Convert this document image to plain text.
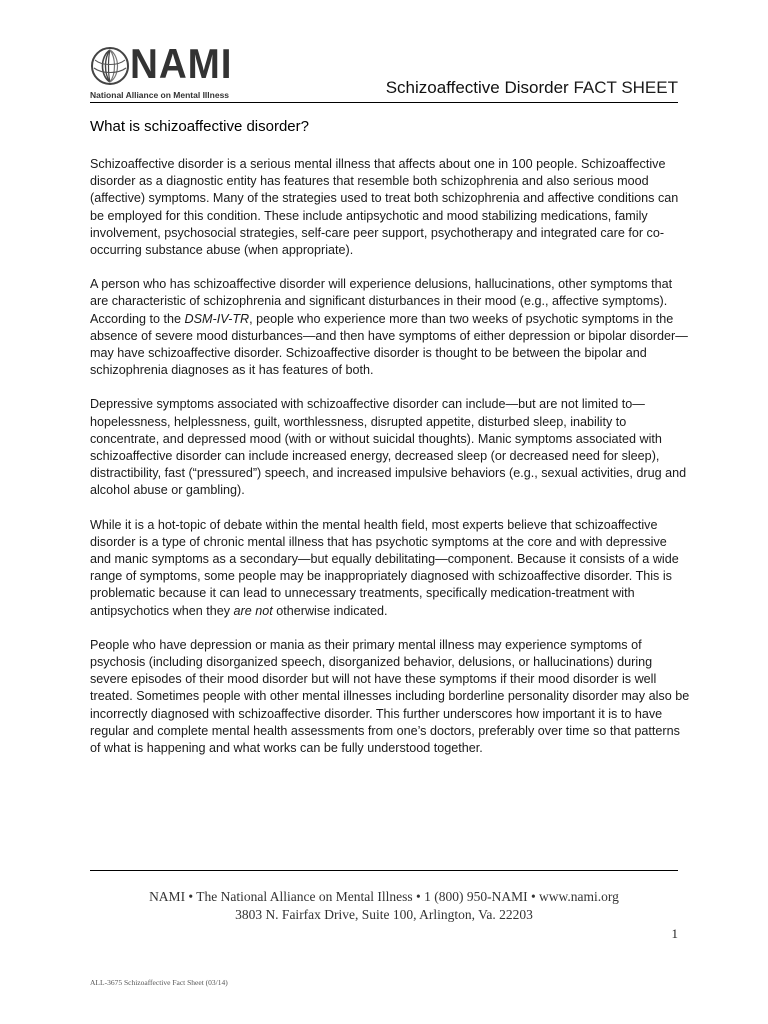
NAMI
National Alliance on Mental Illness	Schizoaffective Disorder FACT SHEET
What is schizoaffective disorder?

Schizoaffective disorder is a serious mental illness that affects about one in 100 people. Schizoaffective disorder as a diagnostic entity has features that resemble both schizophrenia and also serious mood (affective) symptoms. Many of the strategies used to treat both schizophrenia and affective conditions can be employed for this condition. These include antipsychotic and mood stabilizing medications, family involvement, psychosocial strategies, self-care peer support, psychotherapy and integrated care for co-occurring substance abuse (when appropriate).

A person who has schizoaffective disorder will experience delusions, hallucinations, other symptoms that are characteristic of schizophrenia and significant disturbances in their mood (e.g., affective symptoms). According to the DSM-IV-TR, people who experience more than two weeks of psychotic symptoms in the absence of severe mood disturbances—and then have symptoms of either depression or bipolar disorder—may have schizoaffective disorder. Schizoaffective disorder is thought to be between the bipolar and schizophrenia diagnoses as it has features of both.

Depressive symptoms associated with schizoaffective disorder can include—but are not limited to—hopelessness, helplessness, guilt, worthlessness, disrupted appetite, disturbed sleep, inability to concentrate, and depressed mood (with or without suicidal thoughts). Manic symptoms associated with schizoaffective disorder can include increased energy, decreased sleep (or decreased need for sleep), distractibility, fast (“pressured”) speech, and increased impulsive behaviors (e.g., sexual activities, drug and alcohol abuse or gambling).

While it is a hot-topic of debate within the mental health field, most experts believe that schizoaffective disorder is a type of chronic mental illness that has psychotic symptoms at the core and with depressive and manic symptoms as a secondary—but equally debilitating—component. Because it consists of a wide range of symptoms, some people may be inappropriately diagnosed with schizoaffective disorder. This is problematic because it can lead to unnecessary treatments, specifically medication-treatment with antipsychotics when they are not otherwise indicated.

People who have depression or mania as their primary mental illness may experience symptoms of psychosis (including disorganized speech, disorganized behavior, delusions, or hallucinations) during severe episodes of their mood disorder but will not have these symptoms if their mood disorder is well treated. Sometimes people with other mental illnesses including borderline personality disorder may also be incorrectly diagnosed with schizoaffective disorder. This further underscores how important it is to have regular and complete mental health assessments from one’s doctors, preferably over time so that patterns of what is happening and what works can be fully understood together.

NAMI • The National Alliance on Mental Illness • 1 (800) 950-NAMI • www.nami.org
3803 N. Fairfax Drive, Suite 100, Arlington, Va. 22203
1
ALL-3675 Schizoaffective Fact Sheet (03/14)
